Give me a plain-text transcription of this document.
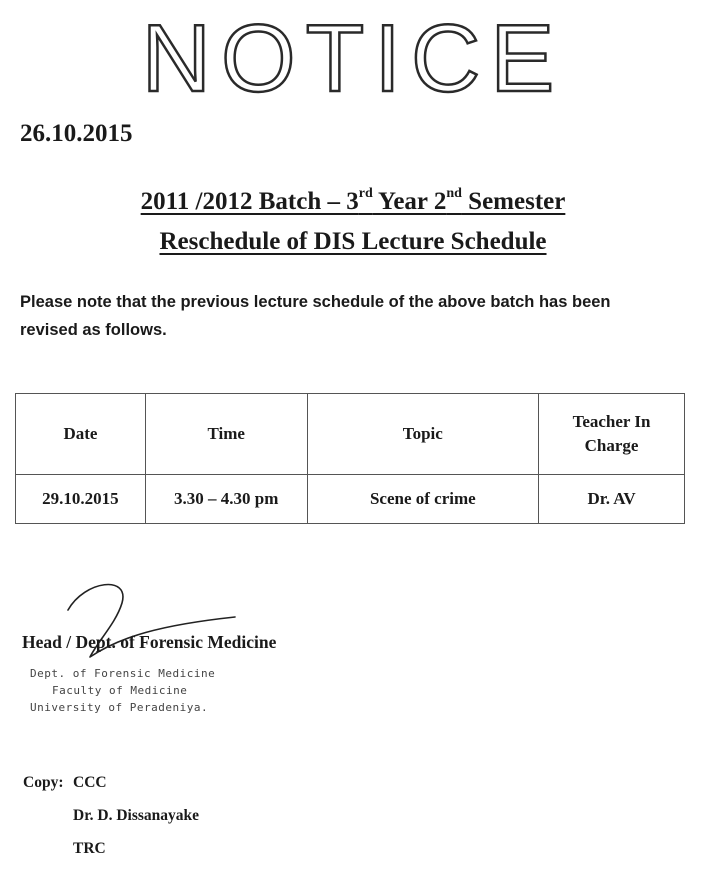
NOTICE
26.10.2015
2011 /2012 Batch – 3rd Year 2nd Semester
Reschedule of DIS Lecture Schedule
Please note that the previous lecture schedule of the above batch has been revised as follows.
Date	Time	Topic	Teacher In Charge

29.10.2015	3.30 – 4.30 pm	Scene of crime	Dr. AV
Head / Dept. of Forensic Medicine
Dept. of Forensic Medicine
Faculty of Medicine
University of Peradeniya.
Copy: CCC
Dr. D. Dissanayake
TRC
